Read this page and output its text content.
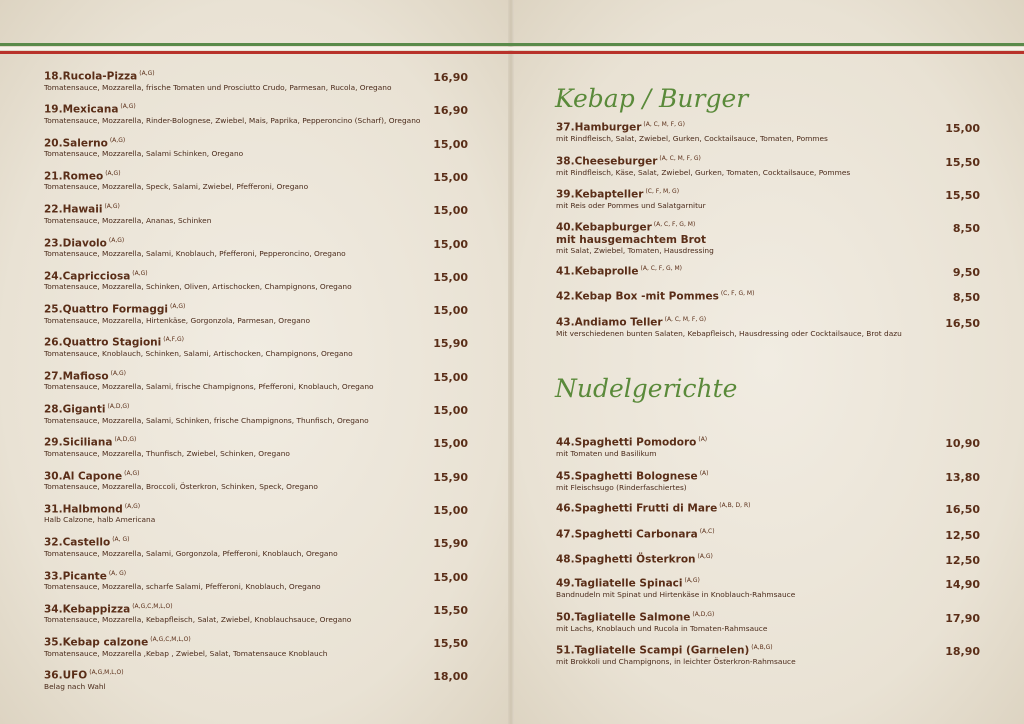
18.Rucola-Pizza $^{(A,G)}$
Tomatensauce, Mozzarella, frische Tomaten und Prosciutto Crudo, Parmesan, Rucola, Oregano
16,90
19.Mexicana $^{(A,G)}$
Tomatensauce, Mozzarella, Rinder-Bolognese, Zwiebel, Mais, Paprika, Pepperoncino (Scharf), Oregano
16,90
20.Salerno $^{(A,G)}$
Tomatensauce, Mozzarella, Salami Schinken, Oregano
15,00
21.Romeo $^{(A,G)}$
Tomatensauce, Mozzarella, Speck, Salami, Zwiebel, Pfefferoni, Oregano
15,00
22.Hawaii $^{(A,G)}$
Tomatensauce, Mozzarella, Ananas, Schinken
15,00
23.Diavolo $^{(A,G)}$
Tomatensauce, Mozzarella, Salami, Knoblauch, Pfefferoni, Pepperoncino, Oregano
15,00
24.Capricciosa $^{(A,G)}$
Tomatensauce, Mozzarella, Schinken, Oliven, Artischocken, Champignons, Oregano
15,00
25.Quattro Formaggi $^{(A,G)}$
Tomatensauce, Mozzarella, Hirtenkäse, Gorgonzola, Parmesan, Oregano
15,00
26.Quattro Stagioni $^{(A,F,G)}$
Tomatensauce, Knoblauch, Schinken, Salami, Artischocken, Champignons, Oregano
15,90
27.Mafioso $^{(A,G)}$
Tomatensauce, Mozzarella, Salami, frische Champignons, Pfefferoni, Knoblauch, Oregano
15,00
28.Giganti $^{(A,D,G)}$
Tomatensauce, Mozzarella, Salami, Schinken, frische Champignons, Thunfisch, Oregano
15,00
29.Siciliana $^{(A,D,G)}$
Tomatensauce, Mozzarella, Thunfisch, Zwiebel, Schinken, Oregano
15,00
30.Al Capone $^{(A,G)}$
Tomatensauce, Mozzarella, Broccoli, Österkron, Schinken, Speck, Oregano
15,90
31.Halbmond $^{(A,G)}$
Halb Calzone, halb Americana
15,00
32.Castello $^{(A, G)}$
Tomatensauce, Mozzarella, Salami, Gorgonzola, Pfefferoni, Knoblauch, Oregano
15,90
33.Picante $^{(A, G)}$
Tomatensauce, Mozzarella, scharfe Salami, Pfefferoni, Knoblauch, Oregano
15,00
34.Kebappizza $^{(A,G,C,M,L,O)}$
Tomatensauce, Mozzarella, Kebapfleisch, Salat, Zwiebel, Knoblauchsauce, Oregano
15,50
35.Kebap calzone $^{(A,G,C,M,L,O)}$
Tomatensauce, Mozzarella ,Kebap , Zwiebel, Salat, Tomatensauce Knoblauch
15,50
36.UFO $^{(A,G,M,L,O)}$
Belag nach Wahl
18,00
Kebap / Burger
37.Hamburger $^{(A, C, M, F, G)}$
mit Rindfleisch, Salat, Zwiebel, Gurken, Cocktailsauce, Tomaten, Pommes
15,00
38.Cheeseburger $^{(A, C, M, F, G)}$
mit Rindfleisch, Käse, Salat, Zwiebel, Gurken, Tomaten, Cocktailsauce, Pommes
15,50
39.Kebapteller $^{(C, F, M, G)}$
mit Reis oder Pommes und Salatgarnitur
15,50
40.Kebapburger $^{(A, C, F, G, M)}$
mit hausgemachtem Brot
mit Salat, Zwiebel, Tomaten, Hausdressing
8,50
41.Kebaprolle $^{(A, C, F, G, M)}$	9,50
42.Kebap Box -mit Pommes $^{(C, F, G, M)}$	8,50
43.Andiamo Teller $^{(A, C, M, F, G)}$
Mit verschiedenen bunten Salaten, Kebapfleisch, Hausdressing oder Cocktailsauce, Brot dazu
16,50
Nudelgerichte
44.Spaghetti Pomodoro $^{(A)}$
mit Tomaten und Basilikum
10,90
45.Spaghetti Bolognese $^{(A)}$
mit Fleischsugo (Rinderfaschiertes)
13,80
46.Spaghetti Frutti di Mare $^{(A,B, D, R)}$	16,50
47.Spaghetti Carbonara $^{(A,C)}$	12,50
48.Spaghetti Österkron $^{(A,G)}$	12,50
49.Tagliatelle Spinaci $^{(A,G)}$
Bandnudeln mit Spinat und Hirtenkäse in Knoblauch-Rahmsauce
14,90
50.Tagliatelle Salmone $^{(A,D,G)}$
mit Lachs, Knoblauch und Rucola in Tomaten-Rahmsauce
17,90
51.Tagliatelle Scampi (Garnelen) $^{(A,B,G)}$
mit Brokkoli und Champignons, in leichter Österkron-Rahmsauce
18,90
